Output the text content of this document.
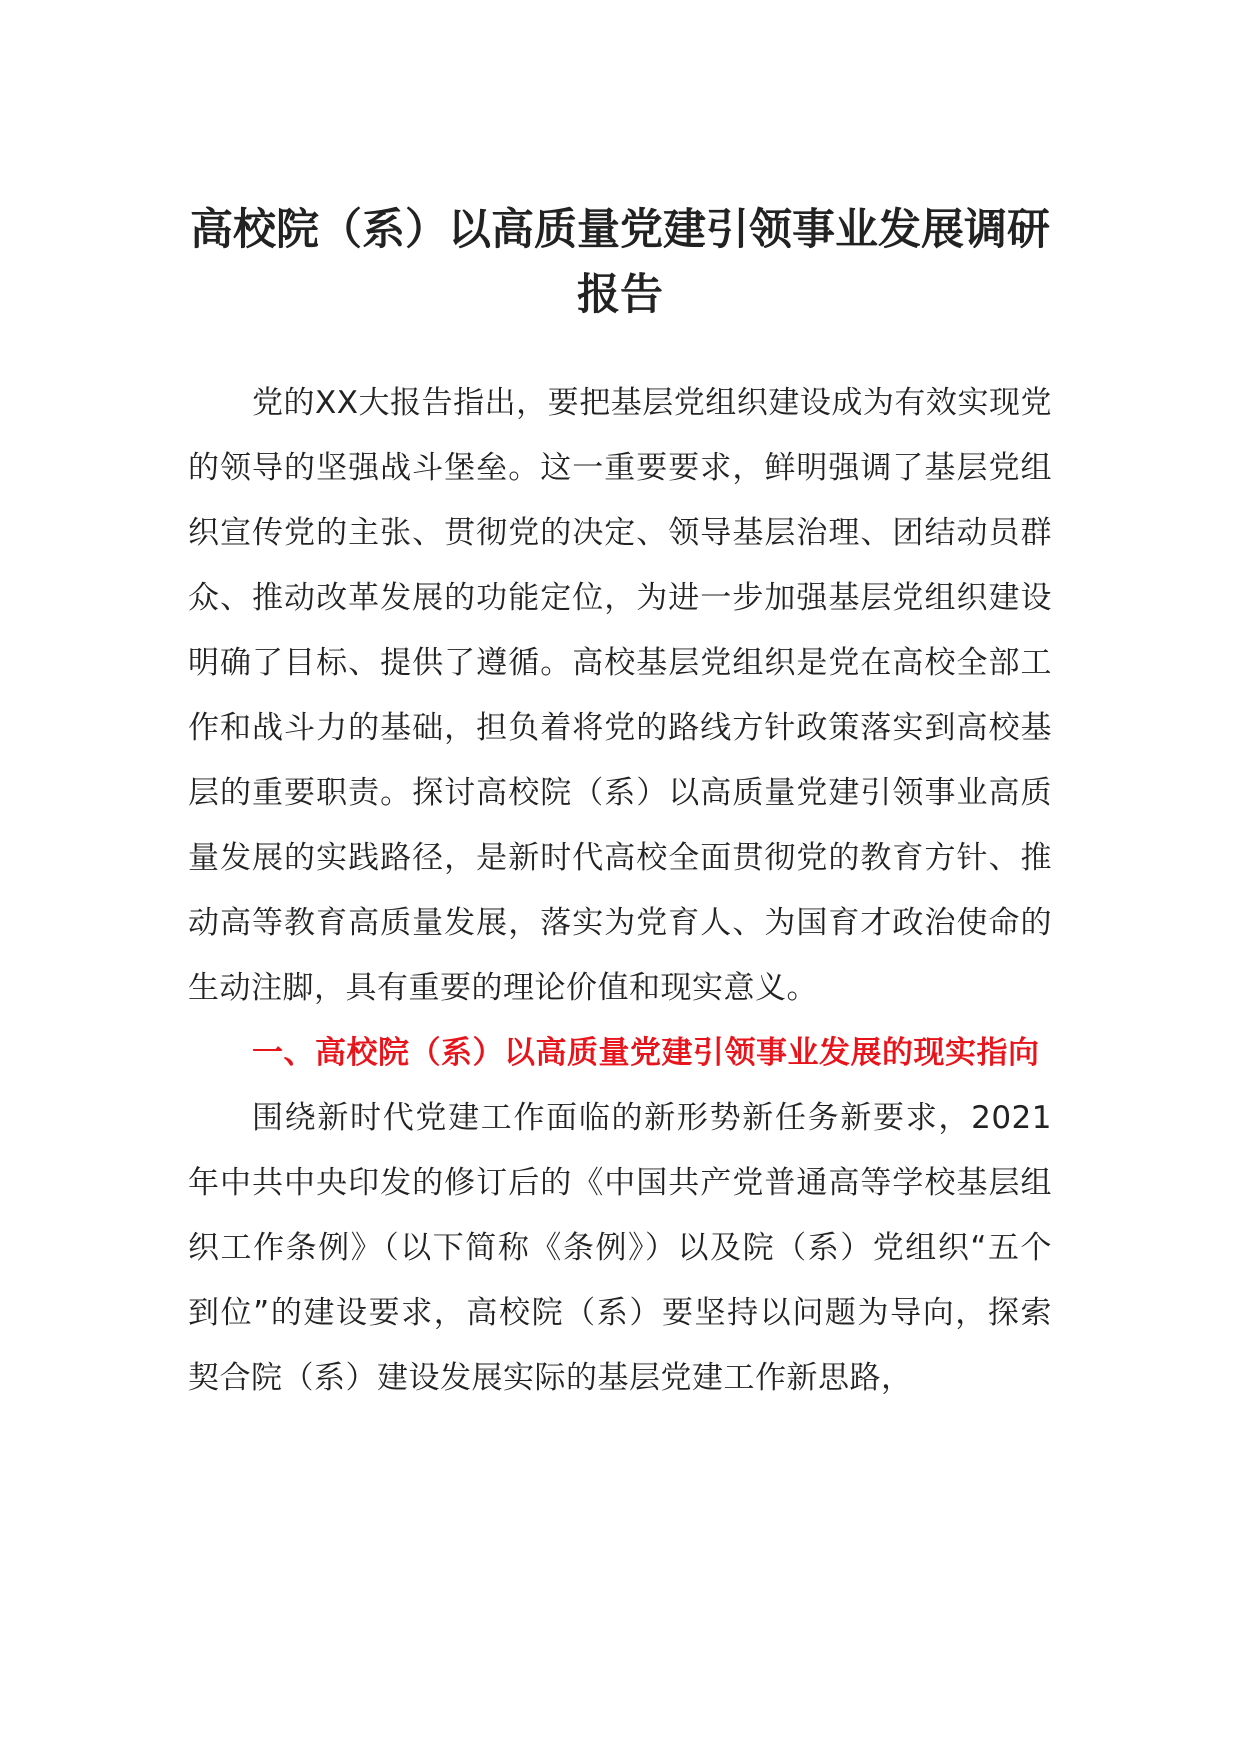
高校院（系）以高质量党建引领事业发展调研报告

党的XX大报告指出，要把基层党组织建设成为有效实现党的领导的坚强战斗堡垒。这一重要要求，鲜明强调了基层党组织宣传党的主张、贯彻党的决定、领导基层治理、团结动员群众、推动改革发展的功能定位，为进一步加强基层党组织建设明确了目标、提供了遵循。高校基层党组织是党在高校全部工作和战斗力的基础，担负着将党的路线方针政策落实到高校基层的重要职责。探讨高校院（系）以高质量党建引领事业高质量发展的实践路径，是新时代高校全面贯彻党的教育方针、推动高等教育高质量发展，落实为党育人、为国育才政治使命的生动注脚，具有重要的理论价值和现实意义。

一、高校院（系）以高质量党建引领事业发展的现实指向

围绕新时代党建工作面临的新形势新任务新要求，2021年中共中央印发的修订后的《中国共产党普通高等学校基层组织工作条例》（以下简称《条例》）以及院（系）党组织“五个到位”的建设要求，高校院（系）要坚持以问题为导向，探索契合院（系）建设发展实际的基层党建工作新思路，
